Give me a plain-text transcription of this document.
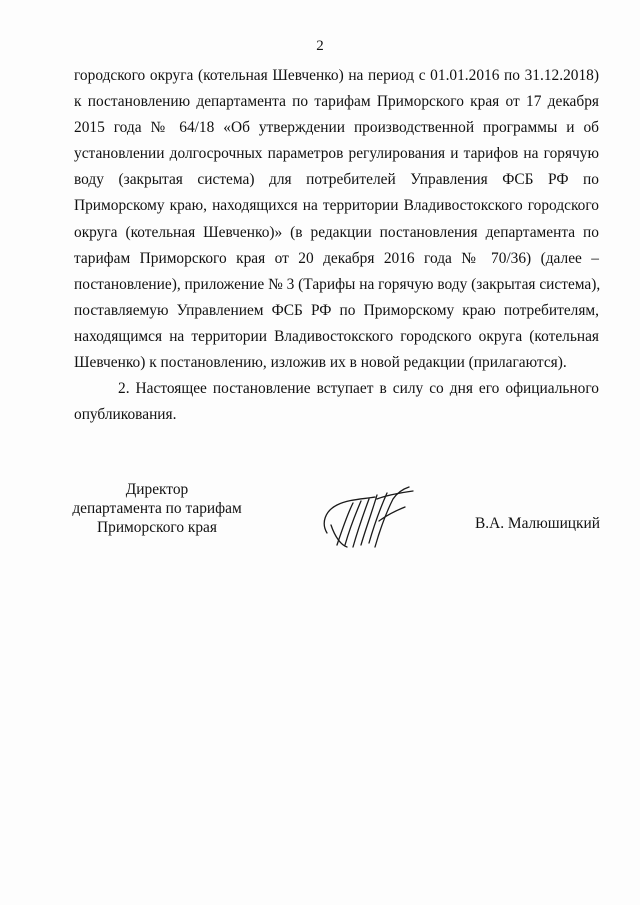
2
городского округа (котельная Шевченко) на период с 01.01.2016 по 31.12.2018)
к постановлению департамента по тарифам Приморского края от 17 декабря
2015 года № 64/18 «Об утверждении производственной программы и об
установлении долгосрочных параметров регулирования и тарифов на горячую
воду (закрытая система) для потребителей Управления ФСБ РФ по
Приморскому краю, находящихся на территории Владивостокского городского
округа (котельная Шевченко)» (в редакции постановления департамента по
тарифам Приморского края от 20 декабря 2016 года № 70/36) (далее –
постановление), приложение № 3 (Тарифы на горячую воду (закрытая система),
поставляемую Управлением ФСБ РФ по Приморскому краю потребителям,
находящимся на территории Владивостокского городского округа (котельная
Шевченко) к постановлению, изложив их в новой редакции (прилагаются).
2. Настоящее постановление вступает в силу со дня его официального
опубликования.
Директор
департамента по тарифам
Приморского края	В.А. Малюшицкий
